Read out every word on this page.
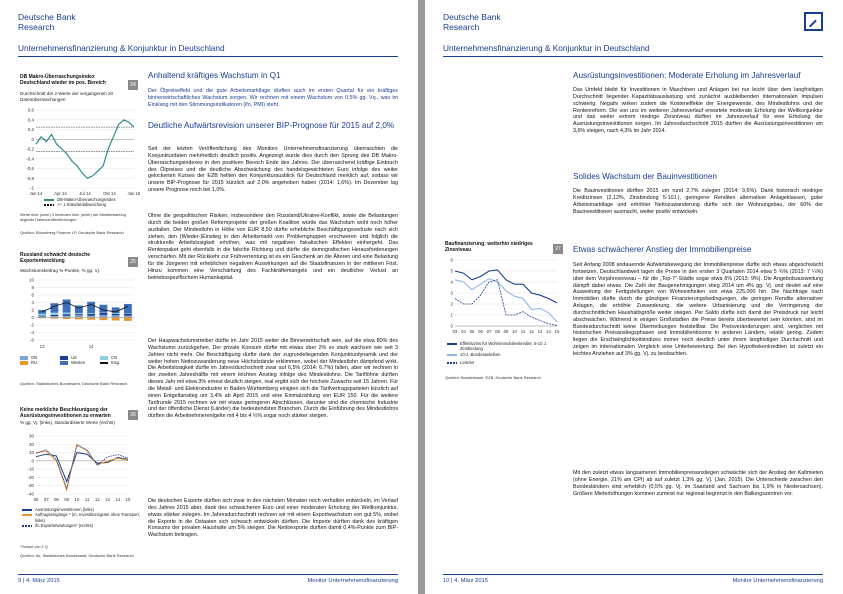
Deutsche Bank
Research
Unternehmensfinanzierung & Konjunktur in Deutschland
DB Makro-Überraschungsindex Deutschland wieder im pos. Bereich	24
Durchschnitt der z-Werte der vergangenen 20 Datenüberraschungen
0,6
0,4
0,2
0
-0,2
-0,4
-0,6
-0,8
-1
Jan 14	Apr 14	Jul 14	Okt 14	Jan 15
DB-Makro-Überraschungsindex
+/- 1 Standardabweichung
Werte über (unter) 0 bedeuten über (unter) der Markterwartung liegende Datenveröffentlichungen
Quellen: Bloomberg Finance LP, Deutsche Bank Research
Russland schwächt deutsche Exportentwicklung	25
Wachstumsbeitrag %-Punkte, % gg. Vj.
10
8
6
4
2
0
-2
-4
-6
13	14
GB	US	CN
RU	Westen	Insg.
Quellen: Statistisches Bundesamt, Deutsche Bank Research
Keine merkliche Beschleunigung der Ausrüstungsinvestitionen zu erwarten	26
% gg. Vj. (links), standardisierte Werte (rechts)
30
20
10
0
-10
-20
-30
-40
06 07 08 09 10 11 12 13 14 15
Ausrüstungsinvestitionen (links)
Auftragseingänge * (m. Investitionsgüter ohne Transport, links)
ifo Exporterwartungen* (rechts)
*Vorlauf von 1 Q.
Quellen: ifo, Statistisches Bundesamt, Deutsche Bank Research
Anhaltend kräftiges Wachstum in Q1
Der Ölpreiseffekt und die gute Arbeitsmarktlage dürften auch im ersten Quartal für ein kräftiges binnenwirtschaftliches Wachstum sorgen. Wir rechnen mit einem Wachstum von 0,5% gg. Vq., was im Einklang mit den Stimmungsindikatoren (ifo, PMI) steht.
Deutliche Aufwärtsrevision unserer BIP-Prognose für 2015 auf 2,0%
Seit der letzten Veröffentlichung des Monitors Unternehmensfinanzierung überraschten die Konjunkturdaten mehrheitlich deutlich positiv. Angezeigt wurde dies durch den Sprung des DB Makro-Überraschungsindexes in den positiven Bereich Ende des Jahres. Der überraschend kräftige Einbruch des Ölpreises und die deutliche Abschwächung des handelsgewichteten Euro infolge des weiter gelockerten Kurses der EZB hellten den Konjunkturausblick für Deutschland merklich auf, sodass wir unsere BIP-Prognose für 2015 kürzlich auf 2,0% angehoben haben (2014: 1,6%). Im Dezember lag unsere Prognose noch bei 1,0%.
Ohne die geopolitischen Risiken, insbesondere den Russland/Ukraine-Konflikt, sowie die Belastungen durch die beiden großen Reformprojekte der großen Koalition würde das Wachstum wohl noch höher ausfallen. Der Mindestlohn in Höhe von EUR 8,50 dürfte erhebliche Beschäftigungsverluste nach sich ziehen, den (Wieder-)Einstieg in den Arbeitsmarkt von Problemgruppen erschweren und folglich die strukturelle Arbeitslosigkeit erhöhen, was mit negativen fiskalischen Effekten einhergeht. Das Rentenpaket geht ebenfalls in die falsche Richtung und dürfte die demografischen Herausforderungen verschärfen. Mit der Rückkehr zur Frühverrentung ist es ein Geschenk an die Älteren und eine Belastung für die Jüngeren mit erheblichen negativen Auswirkungen auf die Staatsfinanzen in der mittleren Frist. Hinzu kommen eine Verschärfung des Fachkräftemangels und ein deutlicher Verlust an betriebsspezifischem Humankapital.
Der Haupwachstumstreiber dürfte im Jahr 2015 weiter die Binnenwirtschaft sein, auf die etwa 80% des Wachstums zurückgehen. Der private Konsum dürfte mit etwas über 2% so stark wachsen wie seit 3 Jahren nicht mehr. Die Beschäftigung dürfte dank der zugrundeliegenden Konjunkturdynamik und der weiter hohen Nettozuwanderung neue Höchststände erklimmen, wobei der Mindestlohn dämpfend wirkt. Die Arbeitslosigkeit dürfte im Jahresdurchschnitt zwar auf 6,5% (2014: 6,7%) fallen, aber wir rechnen in der zweiten Jahreshälfte mit einem leichten Anstieg infolge des Mindestlohns. Die Tariflöhne dürften dieses Jahr mit etwa 3% erneut deutlich steigen, real ergibt sich der höchste Zuwachs seit 15 Jahren. Für die Metall- und Elektroindustrie in Baden-Württemberg einigten sich die Tarifvertragsparteien kürzlich auf einen Entgeltanstieg um 3,4% ab April 2015 und eine Einmalzahlung von EUR 150. Für die weitere Tarifrunde 2015 rechnen wir mit etwas geringeren Abschlüssen, darunter sind die chemische Industrie und der öffentliche Dienst (Länder) die bedeutendsten Branchen. Durch die Einführung des Mindestlohns dürften die Arbeitnehmerentgelte mit 4 bis 4 ½% sogar noch stärker steigen.
Die deutschen Exporte dürften sich zwar in den nächsten Monaten noch verhalten entwickeln, im Verlauf des Jahres 2015 aber, dank des schwächeren Euro und einer moderaten Erholung der Weltkonjunktur, etwas stärker zulegen. Im Jahresdurchschnitt rechnen wir mit einem Exportwachstum von gut 5%, wobei die Exporte in die Ostaaten sich schwach entwickeln dürften. Die Importe dürften dank des kräftigen Konsums der privaten Haushalte um 5% steigen. Die Nettoexporte dürften damit 0,4%-Punkte zum BIP-Wachstum beitragen.
9 | 4. März 2015	Monitor Unternehmensfinanzierung
Deutsche Bank
Research
Unternehmensfinanzierung & Konjunktur in Deutschland
Ausrüstungsinvestitionen: Moderate Erholung im Jahresverlauf
Das Umfeld bleibt für Investitionen in Maschinen und Anlagen bei nur leicht über dem langfristigen Durchschnitt liegender Kapazitätsauslastung und zunächst ausbleibenden internationalen Impulsen schwierig. Negativ wirken zudem die Kosteneffekte der Energiewende, des Mindestlohns und der Rentenreform. Die von uns im weiteren Jahresverlauf erwartete moderate Erholung der Weltkonjunktur und das weiter extrem niedrige Zinsniveau dürften im Jahresverlauf für eine Erholung der Ausrüstungsinvestitionen sorgen. Im Jahresdurchschnitt 2015 dürften die Ausrüstungsinvestitionen um 3,6% steigen, nach 4,3% im Jahr 2014.
Solides Wachstum der Bauinvestitionen
Die Bauinvestitionen dürften 2015 um rund 2,7% zulegen (2014: 3,6%). Dank historisch niedriger Kreditzinsen (2,12%, Zinsbindung 5-10J.), geringerer Renditen alternativer Anlageklassen, guter Arbeitsmarktlage und erhöhter Nettozuwanderung dürfte sich der Wohnungsbau, der 60% der Bauinvestitionen ausmacht, weiter positiv entwickeln.
Etwas schwächerer Anstieg der Immobilienpreise
Seit Anfang 2008 andauernde Aufwärtsbewegung der Immobilienpreise dürfte sich etwas abgeschwächt fortsetzen. Deutschlandweit lagen die Preise in den ersten 3 Quartalen 2014 etwa 5 ¾% (2013: 7 ¼%) über dem Vorjahresniveau – für die „Top-7“-Städte sogar etwa 6% (2013: 9%). Die Angebotsausweitung dämpft dabei etwas. Die Zahl der Baugenehmigungen stieg 2014 um 4% gg. Vj. und deutet auf eine Ausweitung der Fertigstellungen von Wohneinheiten von etwa 225.000 hin. Die Nachfrage nach Immobilien dürfte durch die günstigen Finanzierungsbedingungen, die geringen Rendite alternativer Anlagen, die erhöhte Zuwanderung, die weitere Urbanisierung und die Verringerung der durchschnittlichen Haushaltsgröße weiter steigen. Per Saldo dürfte sich damit der Preisdruck nur leicht abschwächen. Während in einigen Großstädten die Preise bereits überbewertet sein könnten, sind im Bundesdurchschnitt keine Übertreibungen feststellbar. Die Preisveränderungen sind, verglichen mit historischen Preisanstiegsphasen und Immobilienbooms in anderen Ländern, relativ gering. Zudem liegen die Erschwinglichkeitsindizes immer noch deutlich unter ihrem langfristigen Durchschnitt und zeigen im internationalen Vergleich eine Unterbewertung. Bei den Hypothekenkrediten ist zuletzt ein leichtes Anziehen auf 3% gg. Vj. zu beobachten.
Mit den zuletzt etwas langsameren Immobilienpreisanstiegen schwächte sich der Anstieg der Kaltmieten (ohne Energie, 21% am CPI) ab auf zuletzt 1,3% gg. Vj. (Jan. 2015). Die Unterschiede zwischen den Bundesländern sind erheblich (0,5% gg. Vj. im Saarland und Sachsen bis 1,9% in Niedersachsen). Größere Mieterhöhungen kommen zumeist nur regional begrenzt in den Ballungszentren vor.
Baufinanzierung: weiterhin niedriges Zinsniveau	27
6
5
4
3
2
1
0
03 04 05 06 07 08 09 10 11 12 13 14 15
Effektivzins für Wohnimmobilienkredite, 5-10 J. Zinsbindung
10-J. Bundesanleihen
Leitzins
Quellen: Bundesbank, EZB, Deutsche Bank Research
10 | 4. März 2015	Monitor Unternehmensfinanzierung
